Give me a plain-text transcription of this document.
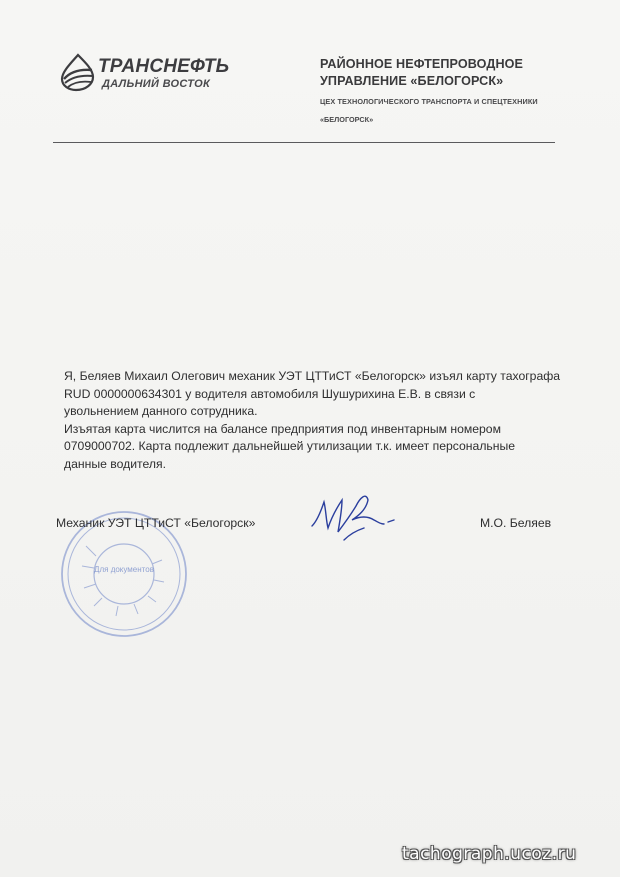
ТРАНСНЕФТЬ
ДАЛЬНИЙ ВОСТОК
РАЙОННОЕ НЕФТЕПРОВОДНОЕ
УПРАВЛЕНИЕ «БЕЛОГОРСК»
ЦЕХ ТЕХНОЛОГИЧЕСКОГО ТРАНСПОРТА И СПЕЦТЕХНИКИ
«БЕЛОГОРСК»

Я, Беляев Михаил Олегович механик УЭТ ЦТТиСТ «Белогорск» изъял карту тахографа

RUD 0000000634301 у водителя автомобиля Шушурихина Е.В. в связи с

увольнением данного сотрудника.

Изъятая карта числится на балансе предприятия под инвентарным номером

0709000702. Карта подлежит дальнейшей утилизации т.к. имеет персональные

данные водителя.

Для документов
Механик УЭТ ЦТТиСТ «Белогорск»	М.О. Беляев
tachograph.ucoz.ru
